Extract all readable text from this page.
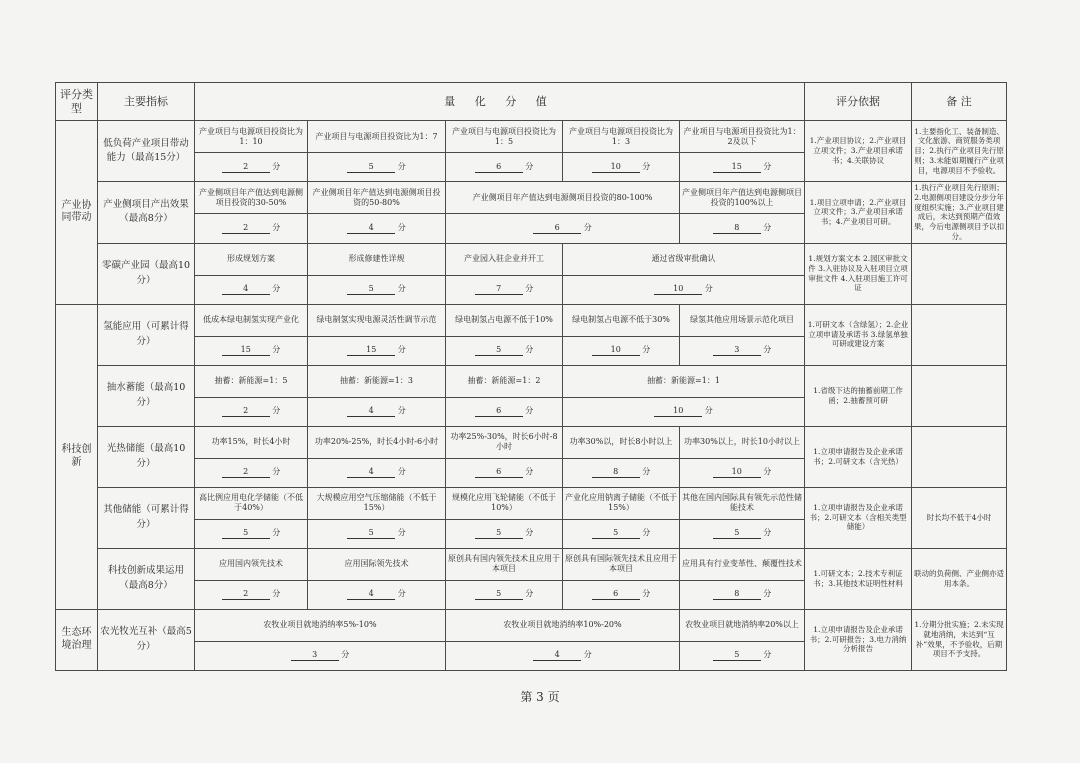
评分类型	主要指标	量 化 分 值					评分依据	备 注
产业协同带动	低负荷产业项目带动能力（最高15分）	产业项目与电源项目投资比为1：10	产业项目与电源项目投资比为1：7	产业项目与电源项目投资比为1：5	产业项目与电源项目投资比为1：3	产业项目与电源项目投资比为1：2及以下	1.产业项目协议；2.产业项目立项文件；3.产业项目承诺书；4.关联协议	1.主要指化工、装备制造、文化旅游、商贸服务类项目；2.执行产业项目先行原则；3.未能如期履行产业项目，电源项目不予验收。
		2 分	5 分	6 分	10 分	15 分		
	产业侧项目产出效果（最高8分）	产业侧项目年产值达到电源侧项目投资的30-50%	产业侧项目年产值达到电源侧项目投资的50-80%	产业侧项目年产值达到电源侧项目投资的80-100%		产业侧项目年产值达到电源侧项目投资的100%以上	1.项目立项申请；2.产业项目立项文件；3.产业项目承诺书；4.产业项目可研。	1.执行产业项目先行原则；2.电源侧项目建设分步分年度组织实施；3.产业项目建成后，未达到预期产值效果，今后电源侧项目予以扣分。
		2 分	4 分	6 分		8 分		
	零碳产业园（最高10分）	形成规划方案	形成修建性详规	产业园入驻企业并开工	通过省级审批确认		1.规划方案文本 2.园区审批文件 3.入驻协议及入驻项目立项审批文件 4.入驻项目施工许可证	
		4 分	5 分	7 分	10 分			
科技创新	氢能应用（可累计得分）	低成本绿电制氢实现产业化	绿电制氢实现电源灵活性调节示范	绿电制氢占电源不低于10%	绿电制氢占电源不低于30%	绿氢其他应用场景示范化项目	1.可研文本（含绿氢）；2.企业立项申请及承诺书 3.绿氢单独可研或建设方案	
		15 分	15 分	5 分	10 分	3 分		
	抽水蓄能（最高10分）	抽蓄：新能源=1：5	抽蓄：新能源=1：3	抽蓄：新能源=1：2	抽蓄：新能源=1：1		1.省级下达的抽蓄前期工作函；2.抽蓄预可研	
		2 分	4 分	6 分	10 分			
	光热储能（最高10分）	功率15%，时长4小时	功率20%-25%，时长4小时-6小时	功率25%-30%，时长6小时-8小时	功率30%以，时长8小时以上	功率30%以上，时长10小时以上	1.立项申请报告及企业承诺书；2.可研文本（含光热）	
		2 分	4 分	6 分	8 分	10 分		
	其他储能（可累计得分）	高比例应用电化学储能（不低于40%）	大规模应用空气压缩储能（不低于15%）	规模化应用飞轮储能（不低于10%）	产业化应用钠离子储能（不低于15%）	其他在国内国际具有领先示范性储能技术	1.立项申请报告及企业承诺书；2.可研文本（含相关类型储能）	时长均不低于4小时
		5 分	5 分	5 分	5 分	5 分		
	科技创新成果运用（最高8分）	应用国内领先技术	应用国际领先技术	原创具有国内领先技术且应用于本项目	原创具有国际领先技术且应用于本项目	应用具有行业变革性、颠覆性技术	1.可研文本；2.技术专利证书；3.其他技术证明性材料	联动的负荷侧、产业侧亦适用本条。
		2 分	4 分	5 分	6 分	8 分		
生态环境治理	农光牧光互补（最高5分）	农牧业项目就地消纳率5%-10%		农牧业项目就地消纳率10%-20%		农牧业项目就地消纳率20%以上	1.立项申请报告及企业承诺书；2.可研报告；3.电力消纳分析报告	1.分期分批实施；2.未实现就地消纳，未达到“互补”效果，不予验收，后期项目不予支持。
		3 分		4 分		5 分		
第 3 页
